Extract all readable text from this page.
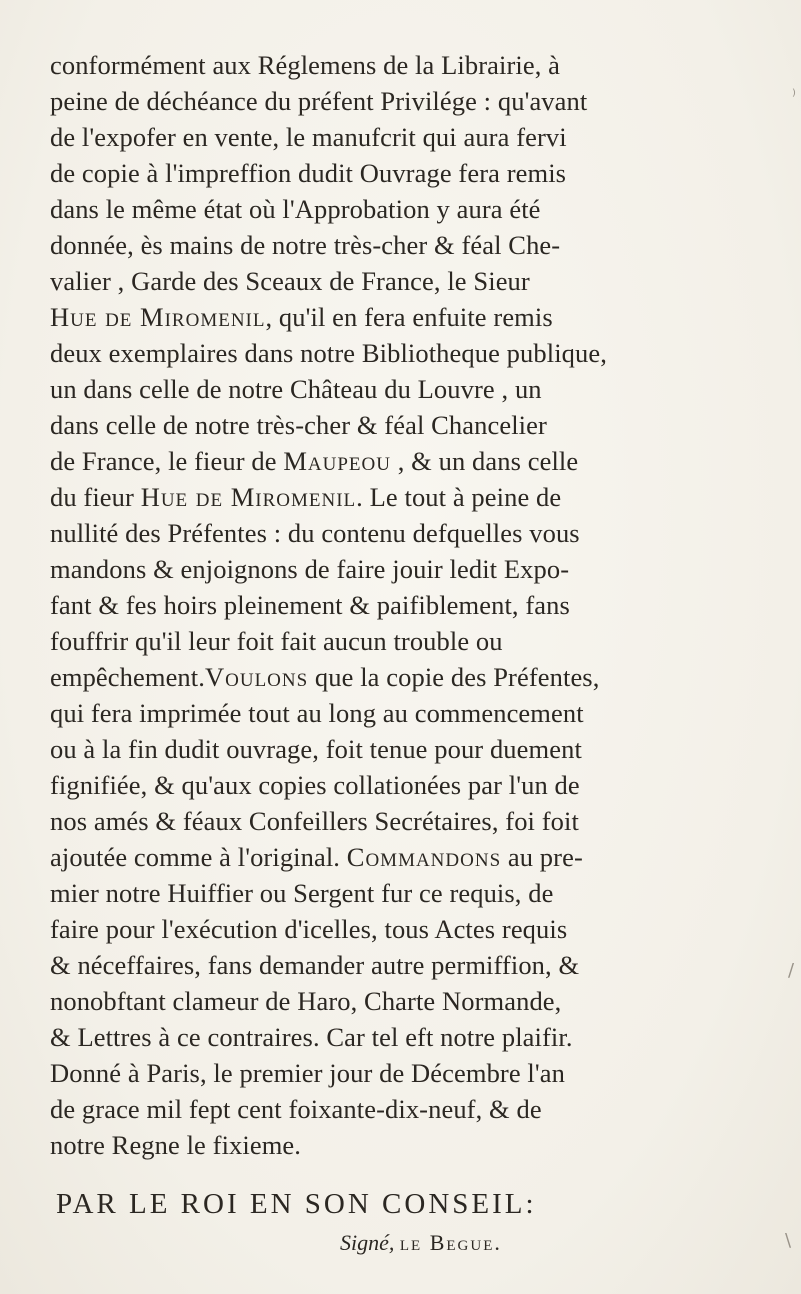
conformément aux Réglemens de la Librairie, à
peine de déchéance du préfent Privilége : qu'avant
de l'expofer en vente, le manufcrit qui aura fervi
de copie à l'impreffion dudit Ouvrage fera remis
dans le même état où l'Approbation y aura été
donnée, ès mains de notre très-cher & féal Che-
valier , Garde des Sceaux de France, le Sieur
Hue de Miromenil, qu'il en fera enfuite remis
deux exemplaires dans notre Bibliotheque publique,
un dans celle de notre Château du Louvre , un
dans celle de notre très-cher & féal Chancelier
de France, le fieur de Maupeou , & un dans celle
du fieur Hue de Miromenil. Le tout à peine de
nullité des Préfentes : du contenu defquelles vous
mandons & enjoignons de faire jouir ledit Expo-
fant & fes hoirs pleinement & paifiblement, fans
fouffrir qu'il leur foit fait aucun trouble ou
empêchement.Voulons que la copie des Préfentes,
qui fera imprimée tout au long au commencement
ou à la fin dudit ouvrage, foit tenue pour duement
fignifiée, & qu'aux copies collationées par l'un de
nos amés & féaux Confeillers Secrétaires, foi foit
ajoutée comme à l'original. Commandons au pre-
mier notre Huiffier ou Sergent fur ce requis, de
faire pour l'exécution d'icelles, tous Actes requis
& néceffaires, fans demander autre permiffion, &
nonobftant clameur de Haro, Charte Normande,
& Lettres à ce contraires. Car tel eft notre plaifir.
Donné à Paris, le premier jour de Décembre l'an
de grace mil fept cent foixante-dix-neuf, & de
notre Regne le fixieme.
PAR LE ROI EN SON CONSEIL:
Signé, le Begue.
⁾
/
\
